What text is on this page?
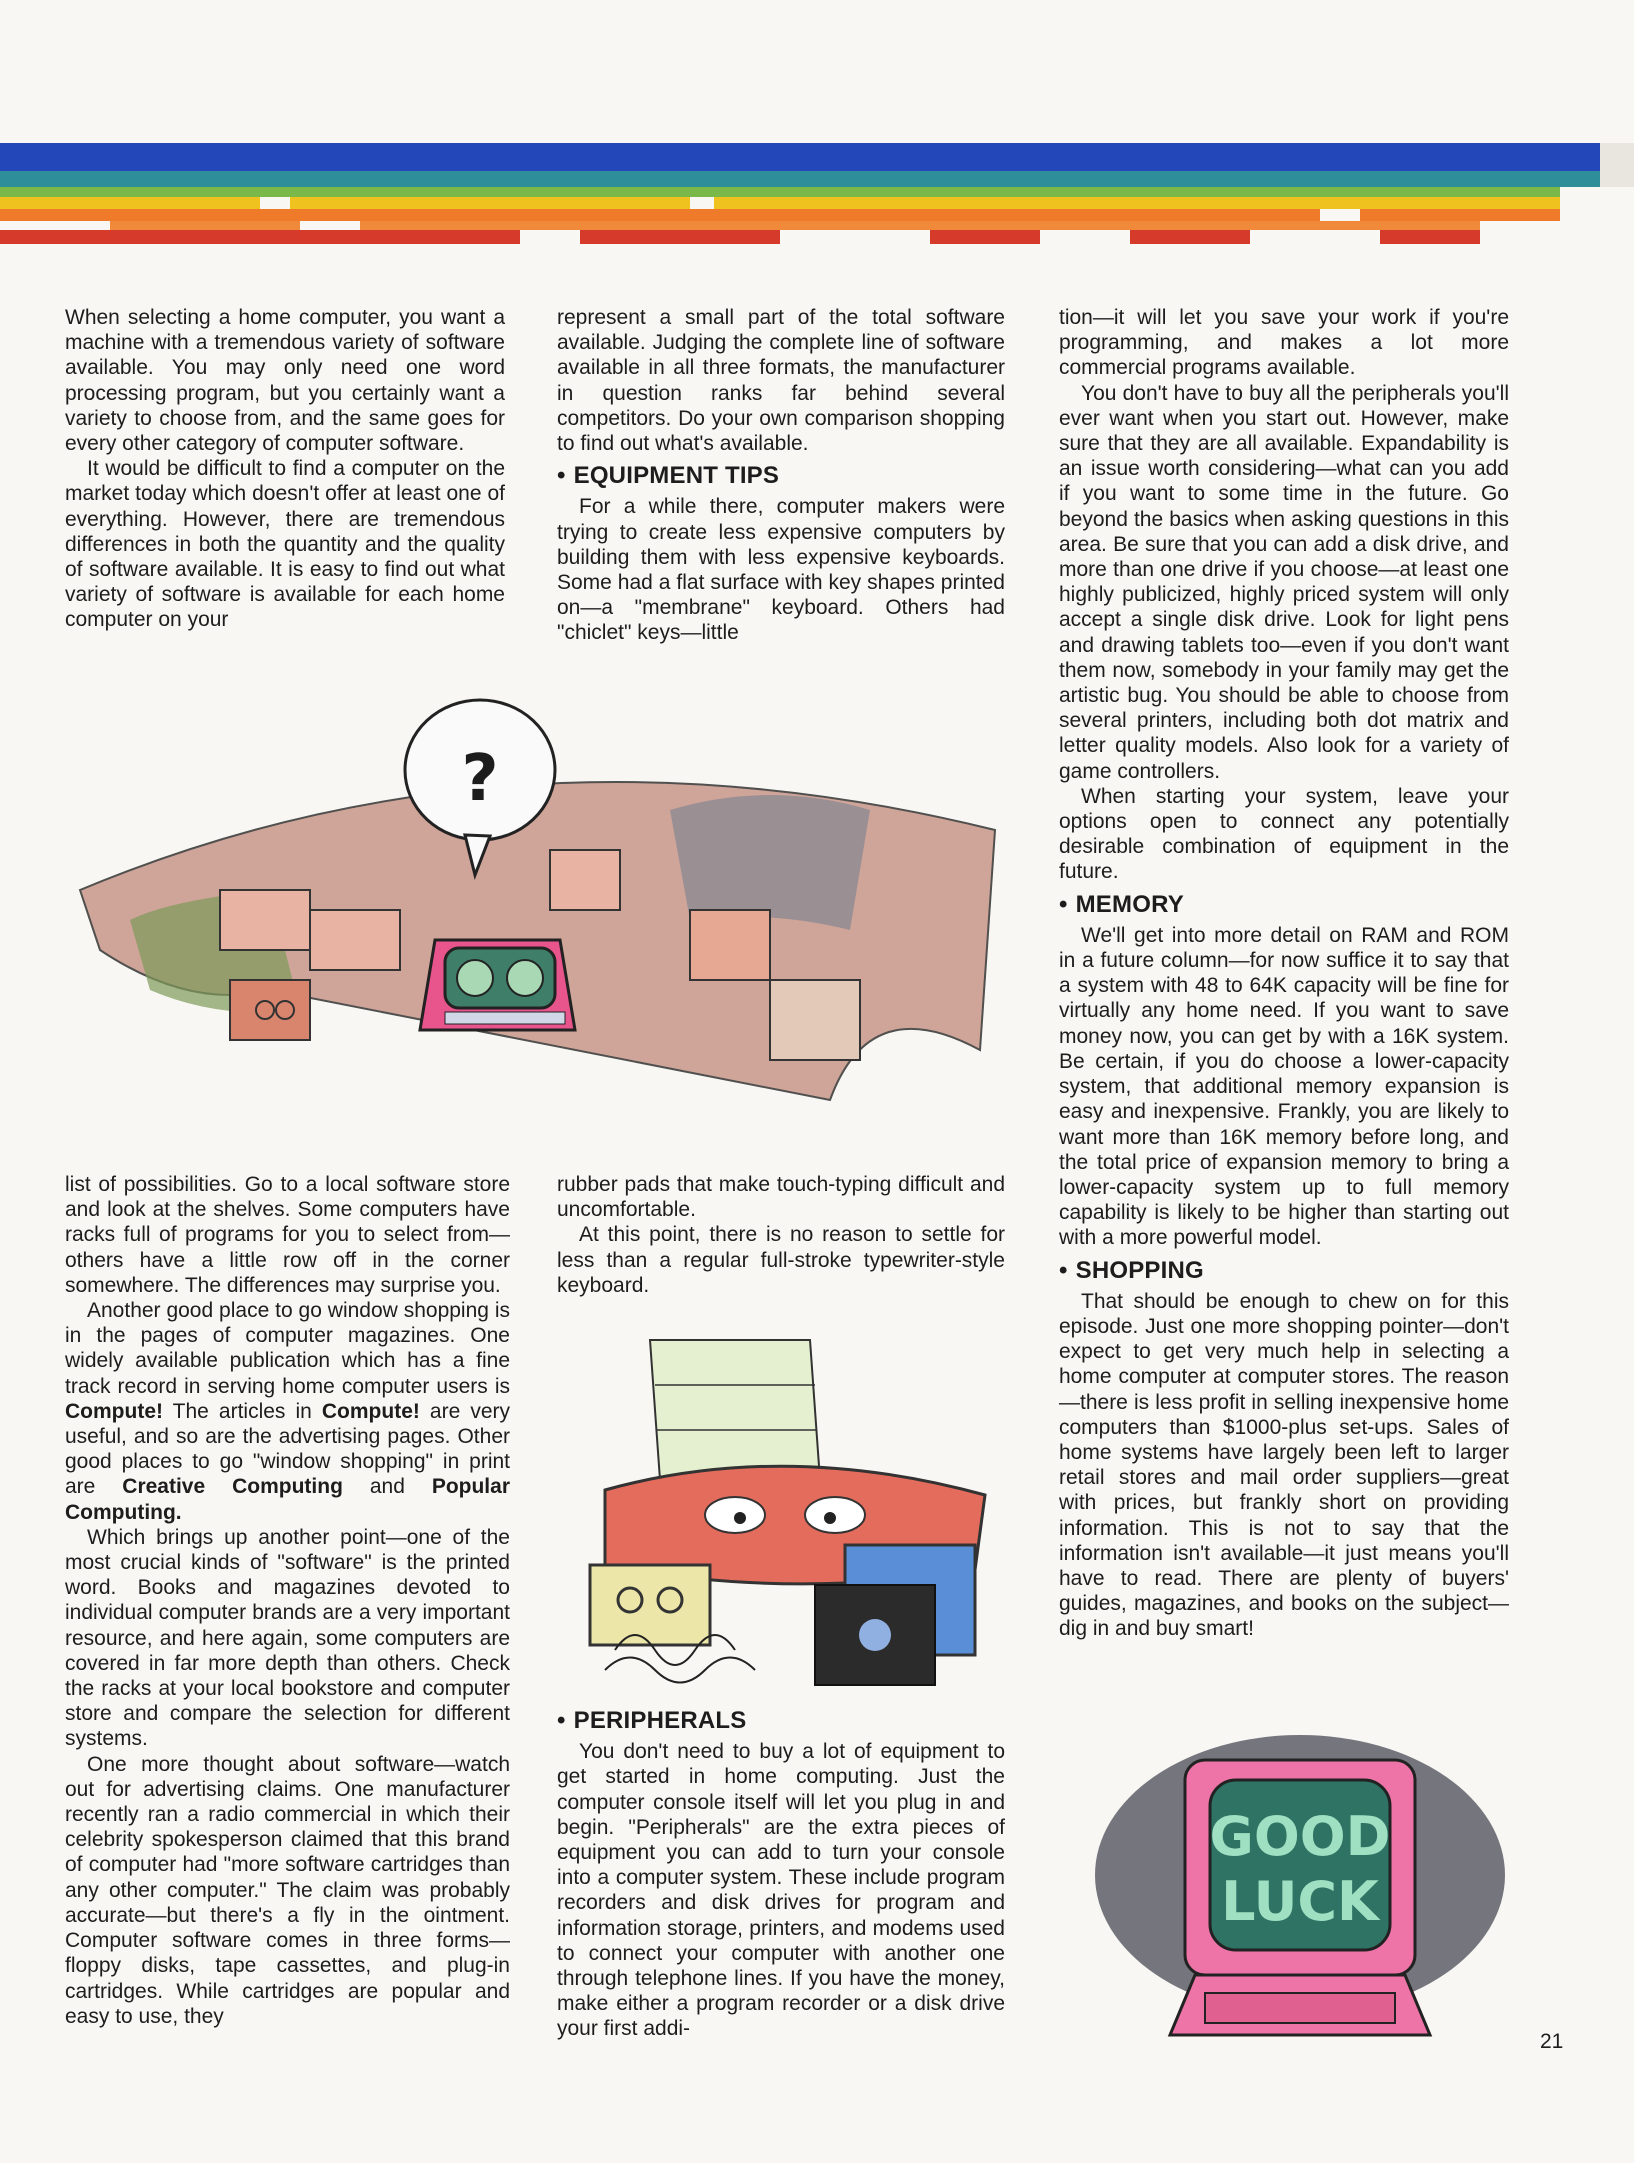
When selecting a home computer, you want a machine with a tremendous variety of software available. You may only need one word processing program, but you certainly want a variety to choose from, and the same goes for every other category of computer software.

It would be difficult to find a computer on the market today which doesn't offer at least one of everything. However, there are tremendous differences in both the quantity and the quality of software available. It is easy to find out what variety of software is available for each home computer on your

represent a small part of the total software available. Judging the complete line of software available in all three formats, the manufacturer in question ranks far behind several competitors. Do your own comparison shopping to find out what's available.

• EQUIPMENT TIPS

For a while there, computer makers were trying to create less expensive computers by building them with less expensive keyboards. Some had a flat surface with key shapes printed on—a "membrane" keyboard. Others had "chiclet" keys—little

tion—it will let you save your work if you're programming, and makes a lot more commercial programs available.

You don't have to buy all the peripherals you'll ever want when you start out. However, make sure that they are all available. Expandability is an issue worth considering—what can you add if you want to some time in the future. Go beyond the basics when asking questions in this area. Be sure that you can add a disk drive, and more than one drive if you choose—at least one highly publicized, highly priced system will only accept a single disk drive. Look for light pens and drawing tablets too—even if you don't want them now, somebody in your family may get the artistic bug. You should be able to choose from several printers, including both dot matrix and letter quality models. Also look for a variety of game controllers.

When starting your system, leave your options open to connect any potentially desirable combination of equipment in the future.

• MEMORY

We'll get into more detail on RAM and ROM in a future column—for now suffice it to say that a system with 48 to 64K capacity will be fine for virtually any home need. If you want to save money now, you can get by with a 16K system. Be certain, if you do choose a lower-capacity system, that additional memory expansion is easy and inexpensive. Frankly, you are likely to want more than 16K memory before long, and the total price of expansion memory to bring a lower-capacity system up to full memory capability is likely to be higher than starting out with a more powerful model.

• SHOPPING

That should be enough to chew on for this episode. Just one more shopping pointer—don't expect to get very much help in selecting a home computer at computer stores. The reason—there is less profit in selling inexpensive home computers than $1000-plus set-ups. Sales of home systems have largely been left to larger retail stores and mail order suppliers—great with prices, but frankly short on providing information. This is not to say that the information isn't available—it just means you'll have to read. There are plenty of buyers' guides, magazines, and books on the subject—dig in and buy smart!

?

list of possibilities. Go to a local software store and look at the shelves. Some computers have racks full of programs for you to select from—others have a little row off in the corner somewhere. The differences may surprise you.

Another good place to go window shopping is in the pages of computer magazines. One widely available publication which has a fine track record in serving home computer users is Compute! The articles in Compute! are very useful, and so are the advertising pages. Other good places to go "window shopping" in print are Creative Computing and Popular Computing.

Which brings up another point—one of the most crucial kinds of "software" is the printed word. Books and magazines devoted to individual computer brands are a very important resource, and here again, some computers are covered in far more depth than others. Check the racks at your local bookstore and computer store and compare the selection for different systems.

One more thought about software—watch out for advertising claims. One manufacturer recently ran a radio commercial in which their celebrity spokesperson claimed that this brand of computer had "more software cartridges than any other computer." The claim was probably accurate—but there's a fly in the ointment. Computer software comes in three forms—floppy disks, tape cassettes, and plug-in cartridges. While cartridges are popular and easy to use, they

rubber pads that make touch-typing difficult and uncomfortable.

At this point, there is no reason to settle for less than a regular full-stroke typewriter-style keyboard.

• PERIPHERALS

You don't need to buy a lot of equipment to get started in home computing. Just the computer console itself will let you plug in and begin. "Peripherals" are the extra pieces of equipment you can add to turn your console into a computer system. These include program recorders and disk drives for program and information storage, printers, and modems used to connect your computer with another one through telephone lines. If you have the money, make either a program recorder or a disk drive your first addi-

GOOD
LUCK
21
